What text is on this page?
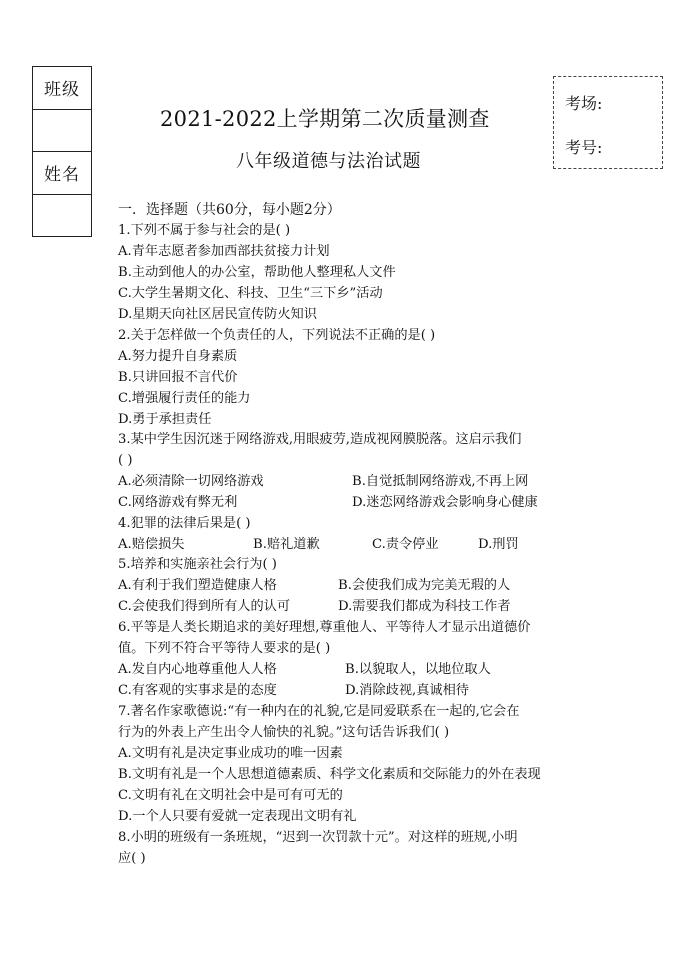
班级
姓名
考场:
考号:
2021-2022上学期第二次质量测查
八年级道德与法治试题
一．选择题（共60分，每小题2分）
1.下列不属于参与社会的是( )
A.青年志愿者参加西部扶贫接力计划
B.主动到他人的办公室，帮助他人整理私人文件
C.大学生暑期文化、科技、卫生“三下乡”活动
D.星期天向社区居民宣传防火知识
2.关于怎样做一个负责任的人，下列说法不正确的是( )
A.努力提升自身素质
B.只讲回报不言代价
C.增强履行责任的能力
D.勇于承担责任
3.某中学生因沉迷于网络游戏,用眼疲劳,造成视网膜脱落。这启示我们
( )
A.必须清除一切网络游戏	B.自觉抵制网络游戏,不再上网
C.网络游戏有弊无利	D.迷恋网络游戏会影响身心健康
4.犯罪的法律后果是( )
A.赔偿损失	B.赔礼道歉	C.责令停业	D.刑罚
5.培养和实施亲社会行为( )
A.有利于我们塑造健康人格	B.会使我们成为完美无瑕的人
C.会使我们得到所有人的认可	D.需要我们都成为科技工作者
6.平等是人类长期追求的美好理想,尊重他人、平等待人才显示出道德价
值。下列不符合平等待人要求的是( )
A.发自内心地尊重他人人格	B.以貌取人，以地位取人
C.有客观的实事求是的态度	D.消除歧视,真诚相待
7.著名作家歌德说:“有一种内在的礼貌,它是同爱联系在一起的,它会在
行为的外表上产生出令人愉快的礼貌。”这句话告诉我们( )
A.文明有礼是决定事业成功的唯一因素
B.文明有礼是一个人思想道德素质、科学文化素质和交际能力的外在表现
C.文明有礼在文明社会中是可有可无的
D.一个人只要有爱就一定表现出文明有礼
8.小明的班级有一条班规，“迟到一次罚款十元”。对这样的班规,小明
应( )
